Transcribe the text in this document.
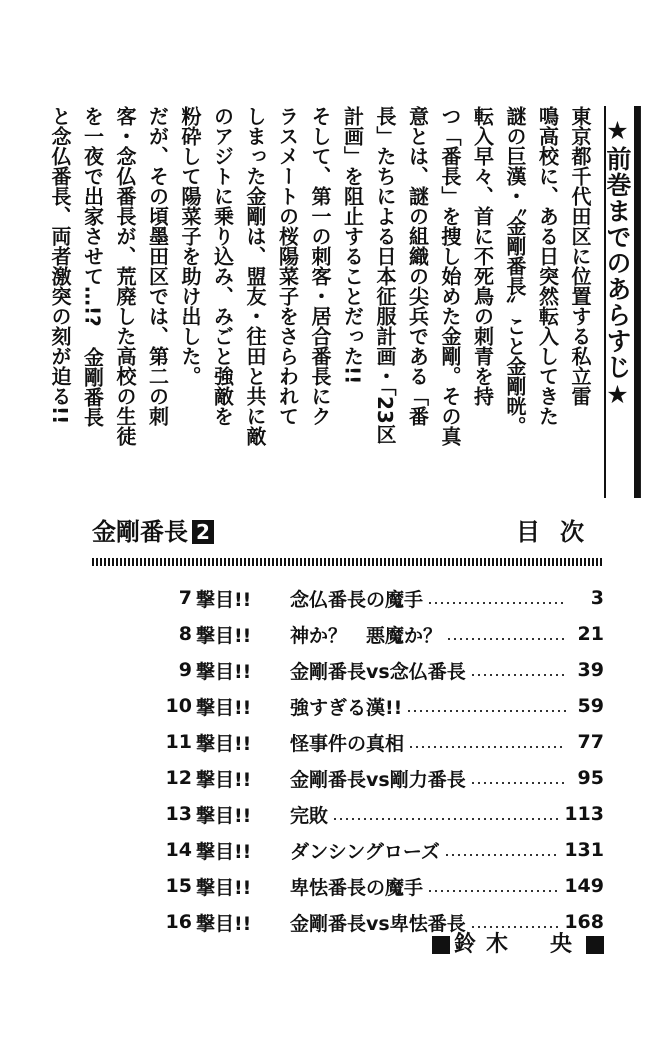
★前巻までのあらすじ★
東京都千代田区に位置する私立雷
鳴高校に、ある日突然転入してきた
謎の巨漢・〝金剛番長〟こと金剛晄。
転入早々、首に不死鳥の刺青を持
つ「番長」を捜し始めた金剛。その真
意とは、謎の組織の尖兵である「番
長」たちによる日本征服計画・「23区
計画」を阻止することだった!!
そして、第一の刺客・居合番長にク
ラスメートの桜陽菜子をさらわれて
しまった金剛は、盟友・往田と共に敵
のアジトに乗り込み、みごと強敵を
粉砕して陽菜子を助け出した。
だが、その頃墨田区では、第二の刺
客・念仏番長が、荒廃した高校の生徒
を一夜で出家させて…!?　金剛番長
と念仏番長、両者激突の刻が迫る!!
金剛番長 2	目次
7 撃目!!	念仏番長の魔手	3
8 撃目!!	神か？　悪魔か？	21
9 撃目!!	金剛番長vs念仏番長	39
10 撃目!!	強すぎる漢!!	59
11 撃目!!	怪事件の真相	77
12 撃目!!	金剛番長vs剛力番長	95
13 撃目!!	完敗	113
14 撃目!!	ダンシングローズ	131
15 撃目!!	卑怯番長の魔手	149
16 撃目!!	金剛番長vs卑怯番長	168
鈴木　央
